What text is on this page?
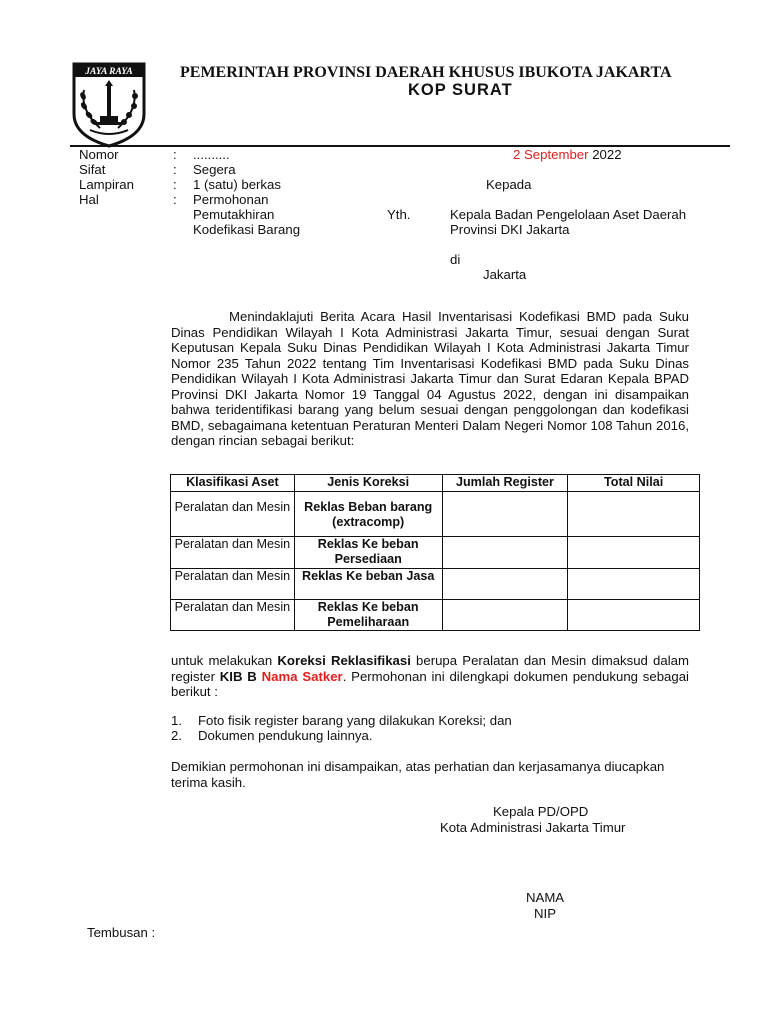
JAYA RAYA	PEMERINTAH PROVINSI DAERAH KHUSUS IBUKOTA JAKARTA
KOP SURAT
Nomor	: ..........
Sifat	: Segera
Lampiran	: 1 (satu) berkas
Hal	: Permohonan
Pemutakhiran
Kodefikasi Barang
2 September 2022
Kepada
Yth.	Kepala Badan Pengelolaan Aset Daerah
Provinsi DKI Jakarta
di
Jakarta
Menindaklajuti Berita Acara Hasil Inventarisasi Kodefikasi BMD pada Suku Dinas Pendidikan Wilayah I Kota Administrasi Jakarta Timur, sesuai dengan Surat Keputusan Kepala Suku Dinas Pendidikan Wilayah I Kota Administrasi Jakarta Timur Nomor 235 Tahun 2022 tentang Tim Inventarisasi Kodefikasi BMD pada Suku Dinas Pendidikan Wilayah I Kota Administrasi Jakarta Timur dan Surat Edaran Kepala BPAD Provinsi DKI Jakarta Nomor 19 Tanggal 04 Agustus 2022, dengan ini disampaikan bahwa teridentifikasi barang yang belum sesuai dengan penggolongan dan kodefikasi BMD, sebagaimana ketentuan Peraturan Menteri Dalam Negeri Nomor 108 Tahun 2016, dengan rincian sebagai berikut:
Klasifikasi Aset	Jenis Koreksi	Jumlah Register	Total Nilai
Peralatan dan Mesin	Reklas Beban barang (extracomp)		
Peralatan dan Mesin	Reklas Ke beban Persediaan		
Peralatan dan Mesin	Reklas Ke beban Jasa		
Peralatan dan Mesin	Reklas Ke beban Pemeliharaan		
untuk melakukan Koreksi Reklasifikasi berupa Peralatan dan Mesin dimaksud dalam register KIB B Nama Satker. Permohonan ini dilengkapi dokumen pendukung sebagai berikut :
1. Foto fisik register barang yang dilakukan Koreksi; dan
2. Dokumen pendukung lainnya.
Demikian permohonan ini disampaikan, atas perhatian dan kerjasamanya diucapkan terima kasih.
Kepala PD/OPD
Kota Administrasi Jakarta Timur
NAMA
NIP
Tembusan :
